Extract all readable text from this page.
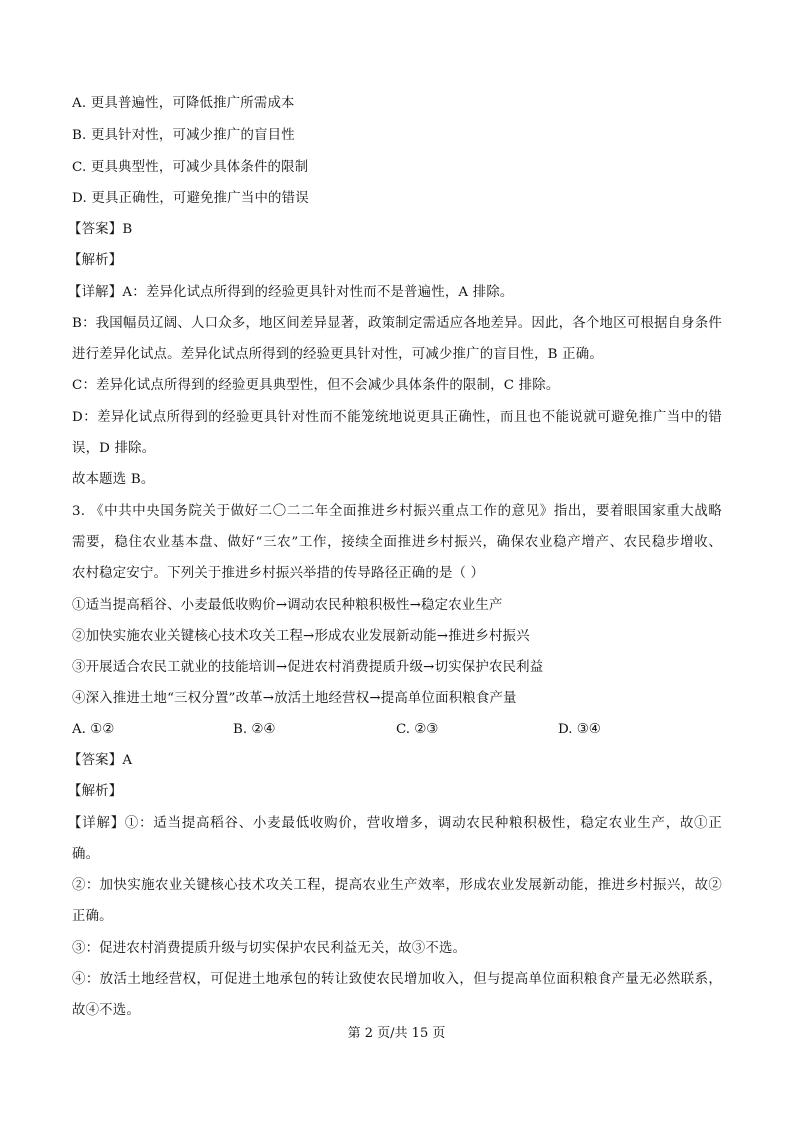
A. 更具普遍性，可降低推广所需成本
B. 更具针对性，可减少推广的盲目性
C. 更具典型性，可减少具体条件的限制
D. 更具正确性，可避免推广当中的错误
【答案】B
【解析】
【详解】A：差异化试点所得到的经验更具针对性而不是普遍性，A 排除。
B：我国幅员辽阔、人口众多，地区间差异显著，政策制定需适应各地差异。因此，各个地区可根据自身条件
进行差异化试点。差异化试点所得到的经验更具针对性，可减少推广的盲目性，B 正确。
C：差异化试点所得到的经验更具典型性，但不会减少具体条件的限制，C 排除。
D：差异化试点所得到的经验更具针对性而不能笼统地说更具正确性，而且也不能说就可避免推广当中的错
误，D 排除。
故本题选 B。
3. 《中共中央国务院关于做好二〇二二年全面推进乡村振兴重点工作的意见》指出，要着眼国家重大战略
需要，稳住农业基本盘、做好“三农”工作，接续全面推进乡村振兴，确保农业稳产增产、农民稳步增收、
农村稳定安宁。下列关于推进乡村振兴举措的传导路径正确的是（ ）
①适当提高稻谷、小麦最低收购价→调动农民种粮积极性→稳定农业生产
②加快实施农业关键核心技术攻关工程→形成农业发展新动能→推进乡村振兴
③开展适合农民工就业的技能培训→促进农村消费提质升级→切实保护农民利益
④深入推进土地“三权分置”改革→放活土地经营权→提高单位面积粮食产量
A. ①②	B. ②④	C. ②③	D. ③④
【答案】A
【解析】
【详解】①：适当提高稻谷、小麦最低收购价，营收增多，调动农民种粮积极性，稳定农业生产，故①正
确。
②：加快实施农业关键核心技术攻关工程，提高农业生产效率，形成农业发展新动能，推进乡村振兴，故②
正确。
③：促进农村消费提质升级与切实保护农民利益无关，故③不选。
④：放活土地经营权，可促进土地承包的转让致使农民增加收入，但与提高单位面积粮食产量无必然联系，
故④不选。
第 2 页/共 15 页
